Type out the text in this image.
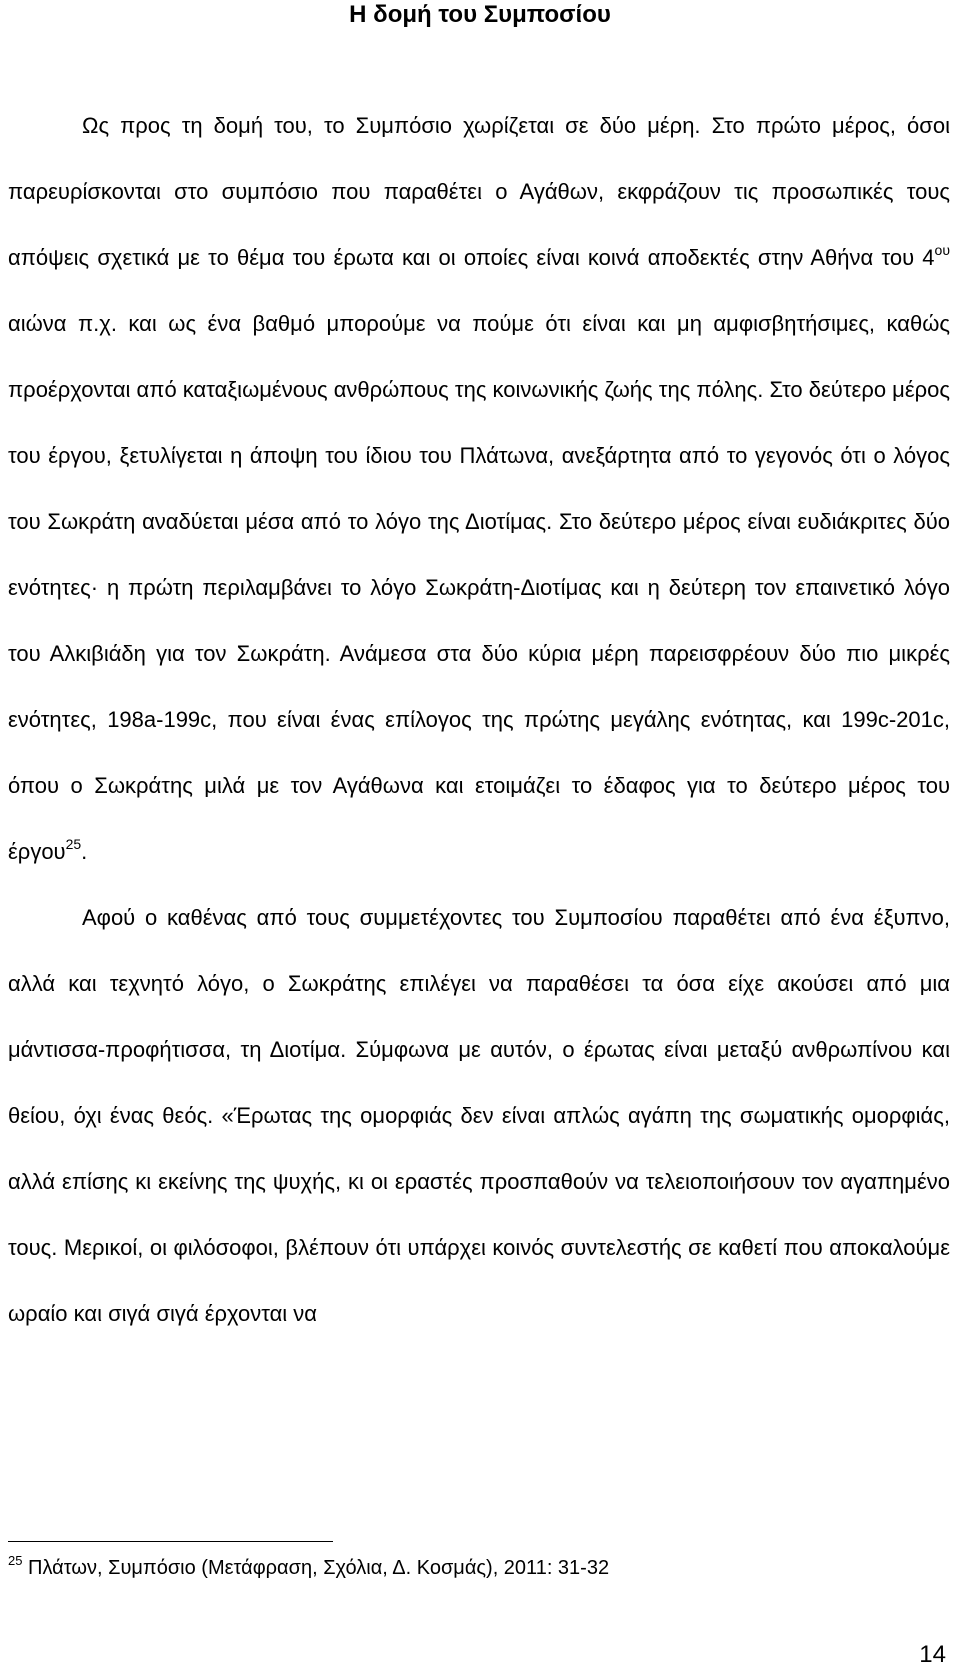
Η δομή του Συμποσίου

Ως προς τη δομή του, το Συμπόσιο χωρίζεται σε δύο μέρη. Στο πρώτο μέρος, όσοι παρευρίσκονται στο συμπόσιο που παραθέτει ο Αγάθων, εκφράζουν τις προσωπικές τους απόψεις σχετικά με το θέμα του έρωτα και οι οποίες είναι κοινά αποδεκτές στην Αθήνα του $4^{o\upsilon}$ αιώνα π.χ. και ως ένα βαθμό μπορούμε να πούμε ότι είναι και μη αμφισβητήσιμες, καθώς προέρχονται από καταξιωμένους ανθρώπους της κοινωνικής ζωής της πόλης. Στο δεύτερο μέρος του έργου, ξετυλίγεται η άποψη του ίδιου του Πλάτωνα, ανεξάρτητα από το γεγονός ότι ο λόγος του Σωκράτη αναδύεται μέσα από το λόγο της Διοτίμας. Στο δεύτερο μέρος είναι ευδιάκριτες δύο ενότητες· η πρώτη περιλαμβάνει το λόγο Σωκράτη-Διοτίμας και η δεύτερη τον επαινετικό λόγο του Αλκιβιάδη για τον Σωκράτη. Ανάμεσα στα δύο κύρια μέρη παρεισφρέουν δύο πιο μικρές ενότητες, 198a-199c, που είναι ένας επίλογος της πρώτης μεγάλης ενότητας, και 199c-201c, όπου ο Σωκράτης μιλά με τον Αγάθωνα και ετοιμάζει το έδαφος για το δεύτερο μέρος του έργου$^{25}$.

Αφού ο καθένας από τους συμμετέχοντες του Συμποσίου παραθέτει από ένα έξυπνο, αλλά και τεχνητό λόγο, ο Σωκράτης επιλέγει να παραθέσει τα όσα είχε ακούσει από μια μάντισσα-προφήτισσα, τη Διοτίμα. Σύμφωνα με αυτόν, ο έρωτας είναι μεταξύ ανθρωπίνου και θείου, όχι ένας θεός. «Έρωτας της ομορφιάς δεν είναι απλώς αγάπη της σωματικής ομορφιάς, αλλά επίσης κι εκείνης της ψυχής, κι οι εραστές προσπαθούν να τελειοποιήσουν τον αγαπημένο τους. Μερικοί, οι φιλόσοφοι, βλέπουν ότι υπάρχει κοινός συντελεστής σε καθετί που αποκαλούμε ωραίο και σιγά σιγά έρχονται να

$^{25}$ Πλάτων, Συμπόσιο (Μετάφραση, Σχόλια, Δ. Κοσμάς), 2011: 31-32

14
